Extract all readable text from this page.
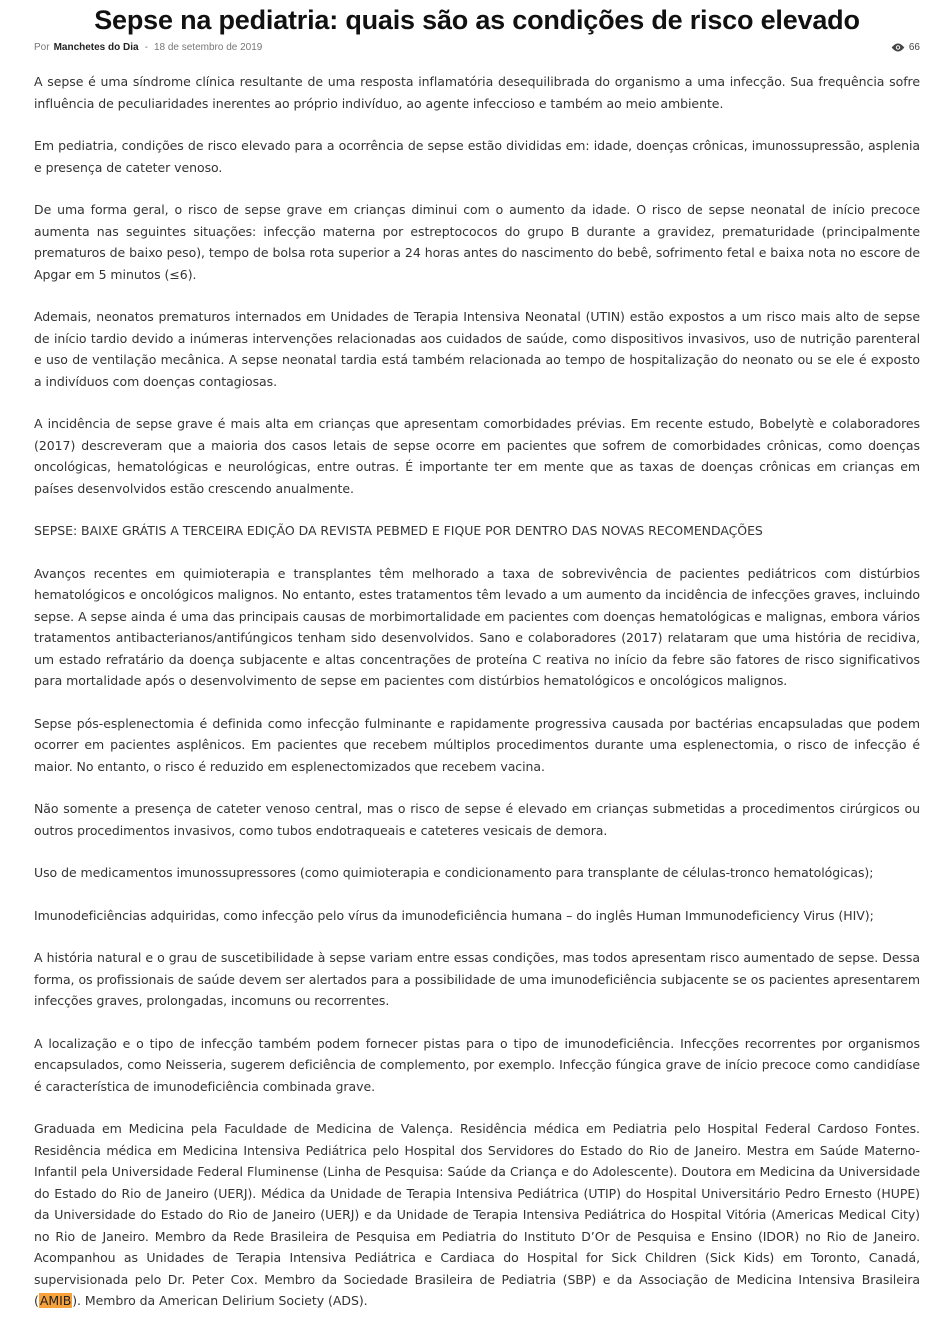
Sepse na pediatria: quais são as condições de risco elevado
Por Manchetes do Dia - 18 de setembro de 2019	66

A sepse é uma síndrome clínica resultante de uma resposta inflamatória desequilibrada do organismo a uma infecção. Sua frequência sofre influência de peculiaridades inerentes ao próprio indivíduo, ao agente infeccioso e também ao meio ambiente.

Em pediatria, condições de risco elevado para a ocorrência de sepse estão divididas em: idade, doenças crônicas, imunossupressão, asplenia e presença de cateter venoso.

De uma forma geral, o risco de sepse grave em crianças diminui com o aumento da idade. O risco de sepse neonatal de início precoce aumenta nas seguintes situações: infecção materna por estreptococos do grupo B durante a gravidez, prematuridade (principalmente prematuros de baixo peso), tempo de bolsa rota superior a 24 horas antes do nascimento do bebê, sofrimento fetal e baixa nota no escore de Apgar em 5 minutos (≤6).

Ademais, neonatos prematuros internados em Unidades de Terapia Intensiva Neonatal (UTIN) estão expostos a um risco mais alto de sepse de início tardio devido a inúmeras intervenções relacionadas aos cuidados de saúde, como dispositivos invasivos, uso de nutrição parenteral e uso de ventilação mecânica. A sepse neonatal tardia está também relacionada ao tempo de hospitalização do neonato ou se ele é exposto a indivíduos com doenças contagiosas.

A incidência de sepse grave é mais alta em crianças que apresentam comorbidades prévias. Em recente estudo, Bobelytè e colaboradores (2017) descreveram que a maioria dos casos letais de sepse ocorre em pacientes que sofrem de comorbidades crônicas, como doenças oncológicas, hematológicas e neurológicas, entre outras. É importante ter em mente que as taxas de doenças crônicas em crianças em países desenvolvidos estão crescendo anualmente.

SEPSE: BAIXE GRÁTIS A TERCEIRA EDIÇÃO DA REVISTA PEBMED E FIQUE POR DENTRO DAS NOVAS RECOMENDAÇÕES

Avanços recentes em quimioterapia e transplantes têm melhorado a taxa de sobrevivência de pacientes pediátricos com distúrbios hematológicos e oncológicos malignos. No entanto, estes tratamentos têm levado a um aumento da incidência de infecções graves, incluindo sepse. A sepse ainda é uma das principais causas de morbimortalidade em pacientes com doenças hematológicas e malignas, embora vários tratamentos antibacterianos/antifúngicos tenham sido desenvolvidos. Sano e colaboradores (2017) relataram que uma história de recidiva, um estado refratário da doença subjacente e altas concentrações de proteína C reativa no início da febre são fatores de risco significativos para mortalidade após o desenvolvimento de sepse em pacientes com distúrbios hematológicos e oncológicos malignos.

Sepse pós-esplenectomia é definida como infecção fulminante e rapidamente progressiva causada por bactérias encapsuladas que podem ocorrer em pacientes asplênicos. Em pacientes que recebem múltiplos procedimentos durante uma esplenectomia, o risco de infecção é maior. No entanto, o risco é reduzido em esplenectomizados que recebem vacina.

Não somente a presença de cateter venoso central, mas o risco de sepse é elevado em crianças submetidas a procedimentos cirúrgicos ou outros procedimentos invasivos, como tubos endotraqueais e cateteres vesicais de demora.

Uso de medicamentos imunossupressores (como quimioterapia e condicionamento para transplante de células-tronco hematológicas);

Imunodeficiências adquiridas, como infecção pelo vírus da imunodeficiência humana – do inglês Human Immunodeficiency Virus (HIV);

A história natural e o grau de suscetibilidade à sepse variam entre essas condições, mas todos apresentam risco aumentado de sepse. Dessa forma, os profissionais de saúde devem ser alertados para a possibilidade de uma imunodeficiência subjacente se os pacientes apresentarem infecções graves, prolongadas, incomuns ou recorrentes.

A localização e o tipo de infecção também podem fornecer pistas para o tipo de imunodeficiência. Infecções recorrentes por organismos encapsulados, como Neisseria, sugerem deficiência de complemento, por exemplo. Infecção fúngica grave de início precoce como candidíase é característica de imunodeficiência combinada grave.

Graduada em Medicina pela Faculdade de Medicina de Valença. Residência médica em Pediatria pelo Hospital Federal Cardoso Fontes. Residência médica em Medicina Intensiva Pediátrica pelo Hospital dos Servidores do Estado do Rio de Janeiro. Mestra em Saúde Materno-Infantil pela Universidade Federal Fluminense (Linha de Pesquisa: Saúde da Criança e do Adolescente). Doutora em Medicina da Universidade do Estado do Rio de Janeiro (UERJ). Médica da Unidade de Terapia Intensiva Pediátrica (UTIP) do Hospital Universitário Pedro Ernesto (HUPE) da Universidade do Estado do Rio de Janeiro (UERJ) e da Unidade de Terapia Intensiva Pediátrica do Hospital Vitória (Americas Medical City) no Rio de Janeiro. Membro da Rede Brasileira de Pesquisa em Pediatria do Instituto D’Or de Pesquisa e Ensino (IDOR) no Rio de Janeiro. Acompanhou as Unidades de Terapia Intensiva Pediátrica e Cardiaca do Hospital for Sick Children (Sick Kids) em Toronto, Canadá, supervisionada pelo Dr. Peter Cox. Membro da Sociedade Brasileira de Pediatria (SBP) e da Associação de Medicina Intensiva Brasileira (AMIB). Membro da American Delirium Society (ADS).
